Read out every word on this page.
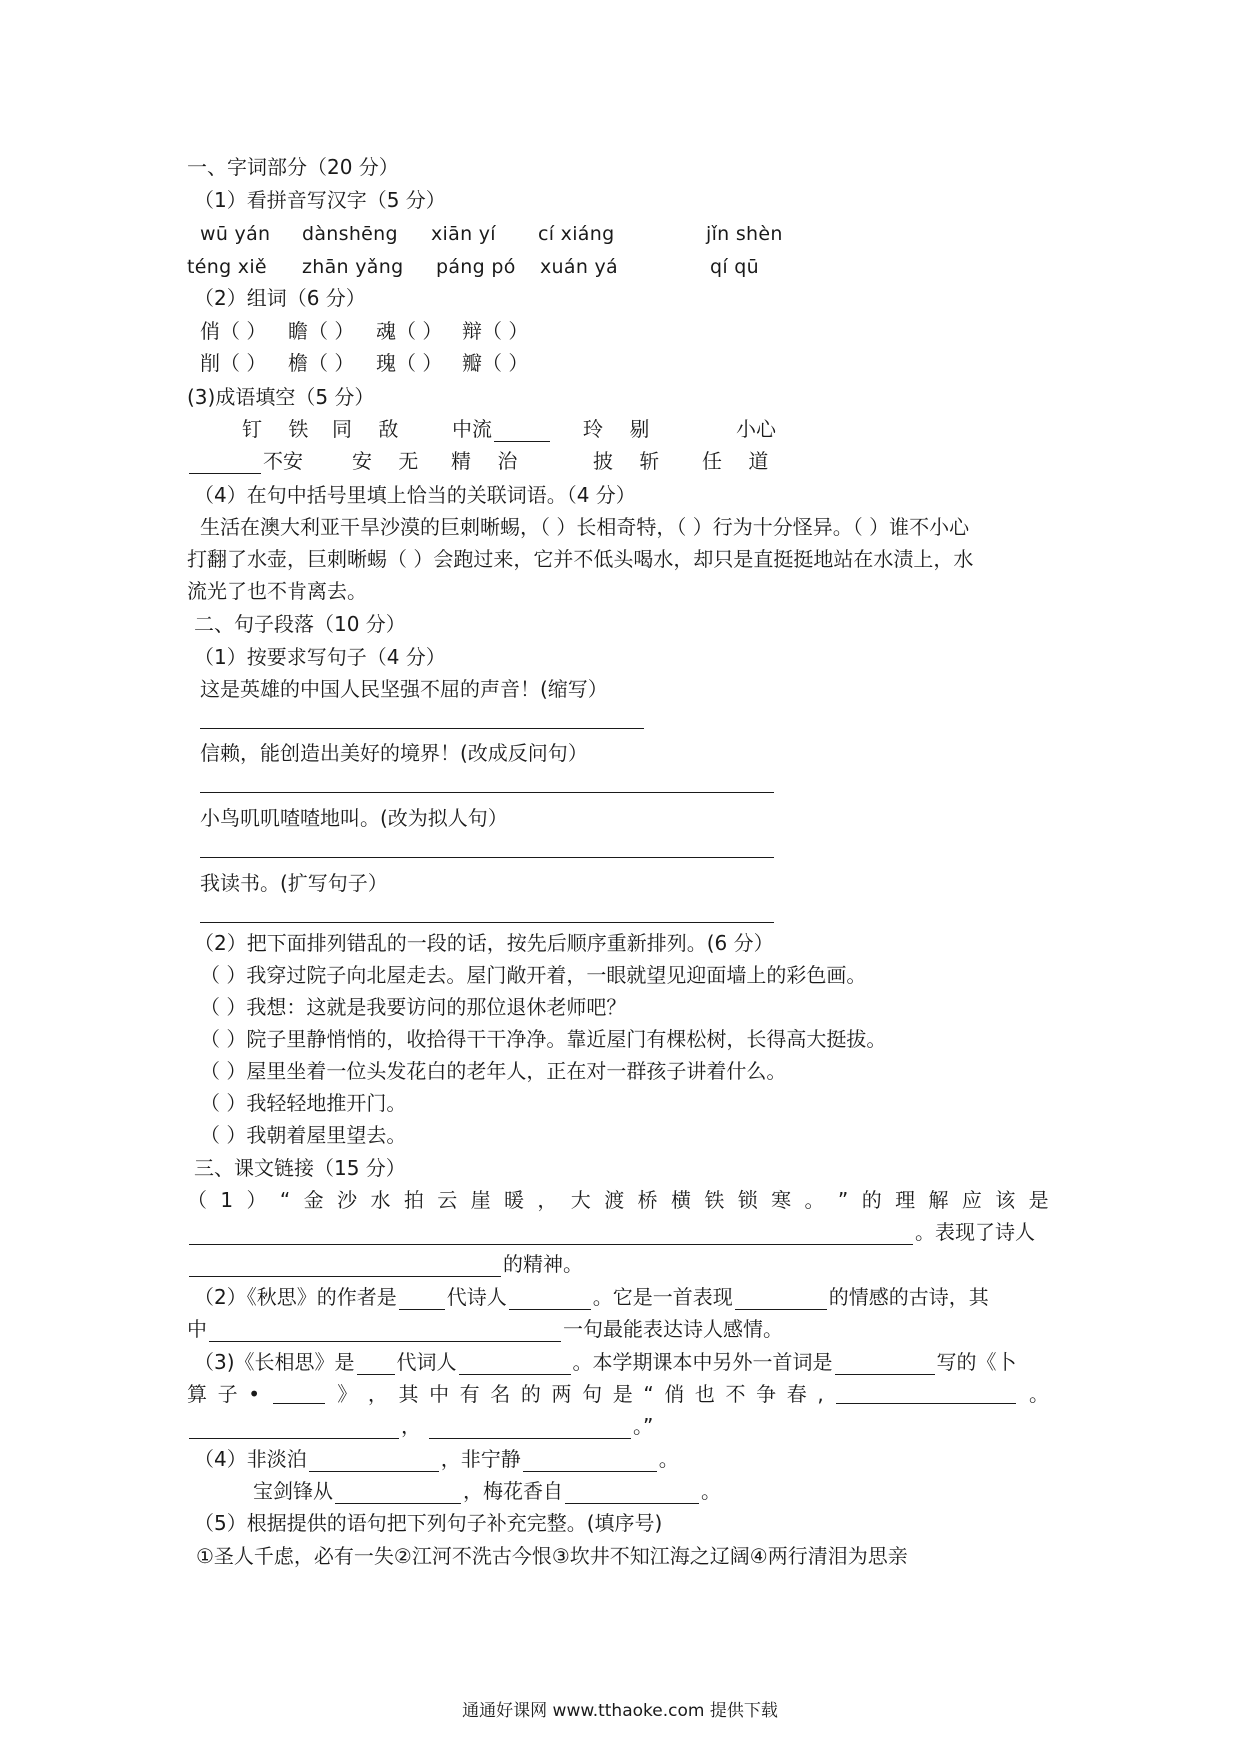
一、字词部分（20 分）
（1）看拼音写汉字（5 分）
wū yán dànshēng xiān yí cí xiáng	jǐn shèn
téng xiě zhān yǎng páng pó xuán yá	qí qū
（2）组词（6 分）
俏（ ） 瞻（ ） 魂（ ） 辩（ ）
削（ ） 檐（ ） 瑰（ ） 瓣（ ）
(3)成语填空（5 分）
钉 铁 同 敌 中流	玲 剔	小心
不安 安 无 精 治	披 斩 任 道
（4）在句中括号里填上恰当的关联词语。（4 分）
生活在澳大利亚干旱沙漠的巨刺晰蜴，（ ）长相奇特，（ ）行为十分怪异。（ ）谁不小心
打翻了水壶，巨刺晰蜴（ ）会跑过来，它并不低头喝水，却只是直挺挺地站在水渍上，水
流光了也不肯离去。
二、句子段落（10 分）
（1）按要求写句子（4 分）
这是英雄的中国人民坚强不屈的声音！(缩写）
信赖，能创造出美好的境界！(改成反问句）
小鸟叽叽喳喳地叫。(改为拟人句）
我读书。(扩写句子）
（2）把下面排列错乱的一段的话，按先后顺序重新排列。(6 分）
（ ）我穿过院子向北屋走去。屋门敞开着，一眼就望见迎面墙上的彩色画。
（ ）我想：这就是我要访问的那位退休老师吧？
（ ）院子里静悄悄的，收拾得干干净净。靠近屋门有棵松树，长得高大挺拔。
（ ）屋里坐着一位头发花白的老年人，正在对一群孩子讲着什么。
（ ）我轻轻地推开门。
（ ）我朝着屋里望去。
三、课文链接（15 分）
（ 1 ） “ 金 沙 水 拍 云 崖 暖 ， 大 渡 桥 横 铁 锁 寒 。 ” 的 理 解 应 该 是
。表现了诗人
的精神。
（2）《秋思》的作者是	代诗人	。它是一首表现	的情感的古诗，其
中	一句最能表达诗人感情。
（3)《长相思》是 代词人	。本学期课本中另外一首词是	写的《卜
算 子 •	》 ， 其 中 有 名 的 两 句 是 “ 俏 也 不 争 春 ,	。
，	。”
（4）非淡泊	，非宁静	。
宝剑锋从	，梅花香自	。
（5）根据提供的语句把下列句子补充完整。(填序号)
①圣人千虑，必有一失②江河不洗古今恨③坎井不知江海之辽阔④两行清泪为思亲
通通好课网 www.tthaoke.com 提供下载
